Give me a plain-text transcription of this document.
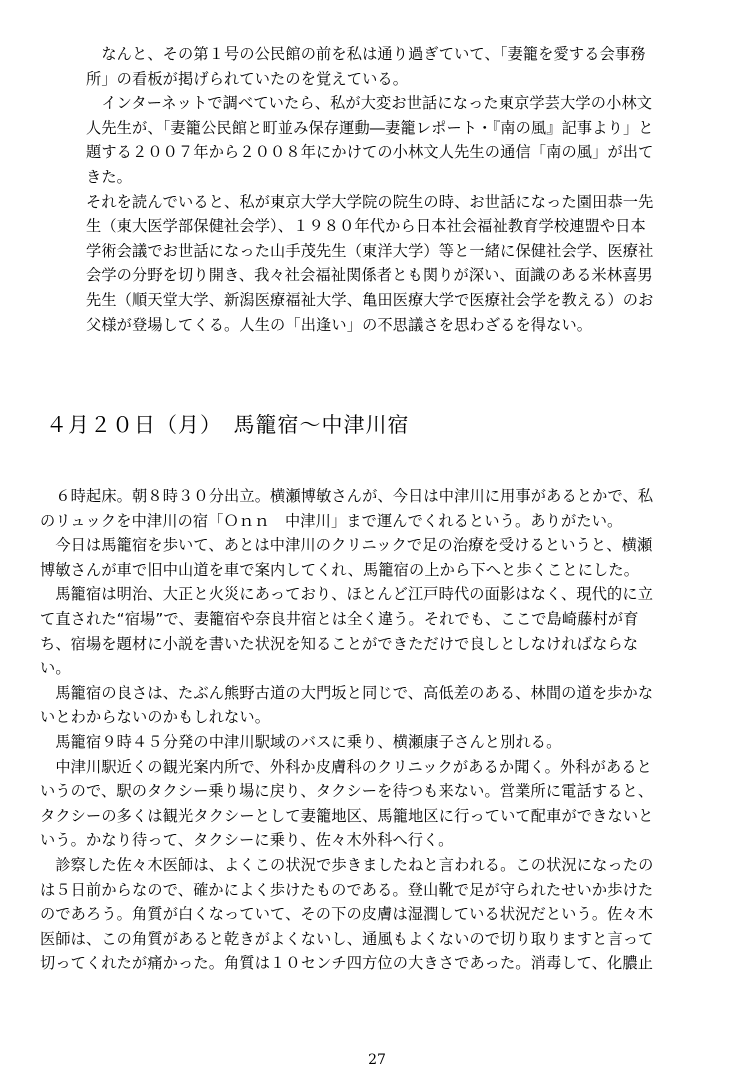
　なんと、その第１号の公民館の前を私は通り過ぎていて、「妻籠を愛する会事務
所」の看板が掲げられていたのを覚えている。
　インターネットで調べていたら、私が大変お世話になった東京学芸大学の小林文
人先生が、「妻籠公民館と町並み保存運動―妻籠レポート・『南の風』記事より」と
題する２００７年から２００８年にかけての小林文人先生の通信「南の風」が出て
きた。
それを読んでいると、私が東京大学大学院の院生の時、お世話になった園田恭一先
生（東大医学部保健社会学）、１９８０年代から日本社会福祉教育学校連盟や日本
学術会議でお世話になった山手茂先生（東洋大学）等と一緒に保健社会学、医療社
会学の分野を切り開き、我々社会福祉関係者とも関りが深い、面識のある米林喜男
先生（順天堂大学、新潟医療福祉大学、亀田医療大学で医療社会学を教える）のお
父様が登場してくる。人生の「出逢い」の不思議さを思わざるを得ない。
４月２０日（月）　馬籠宿～中津川宿
　６時起床。朝８時３０分出立。横瀬博敏さんが、今日は中津川に用事があるとかで、私
のリュックを中津川の宿「Ｏｎｎ　中津川」まで運んでくれるという。ありがたい。
　今日は馬籠宿を歩いて、あとは中津川のクリニックで足の治療を受けるというと、横瀬
博敏さんが車で旧中山道を車で案内してくれ、馬籠宿の上から下へと歩くことにした。
　馬籠宿は明治、大正と火災にあっており、ほとんど江戸時代の面影はなく、現代的に立
て直された“宿場”で、妻籠宿や奈良井宿とは全く違う。それでも、ここで島崎藤村が育
ち、宿場を題材に小説を書いた状況を知ることができただけで良しとしなければならな
い。
　馬籠宿の良さは、たぶん熊野古道の大門坂と同じで、高低差のある、林間の道を歩かな
いとわからないのかもしれない。
　馬籠宿９時４５分発の中津川駅域のバスに乗り、横瀬康子さんと別れる。
　中津川駅近くの観光案内所で、外科か皮膚科のクリニックがあるか聞く。外科があると
いうので、駅のタクシー乗り場に戻り、タクシーを待つも来ない。営業所に電話すると、
タクシーの多くは観光タクシーとして妻籠地区、馬籠地区に行っていて配車ができないと
いう。かなり待って、タクシーに乗り、佐々木外科へ行く。
　診察した佐々木医師は、よくこの状況で歩きましたねと言われる。この状況になったの
は５日前からなので、確かによく歩けたものである。登山靴で足が守られたせいか歩けた
のであろう。角質が白くなっていて、その下の皮膚は湿潤している状況だという。佐々木
医師は、この角質があると乾きがよくないし、通風もよくないので切り取りますと言って
切ってくれたが痛かった。角質は１０センチ四方位の大きさであった。消毒して、化膿止
27
